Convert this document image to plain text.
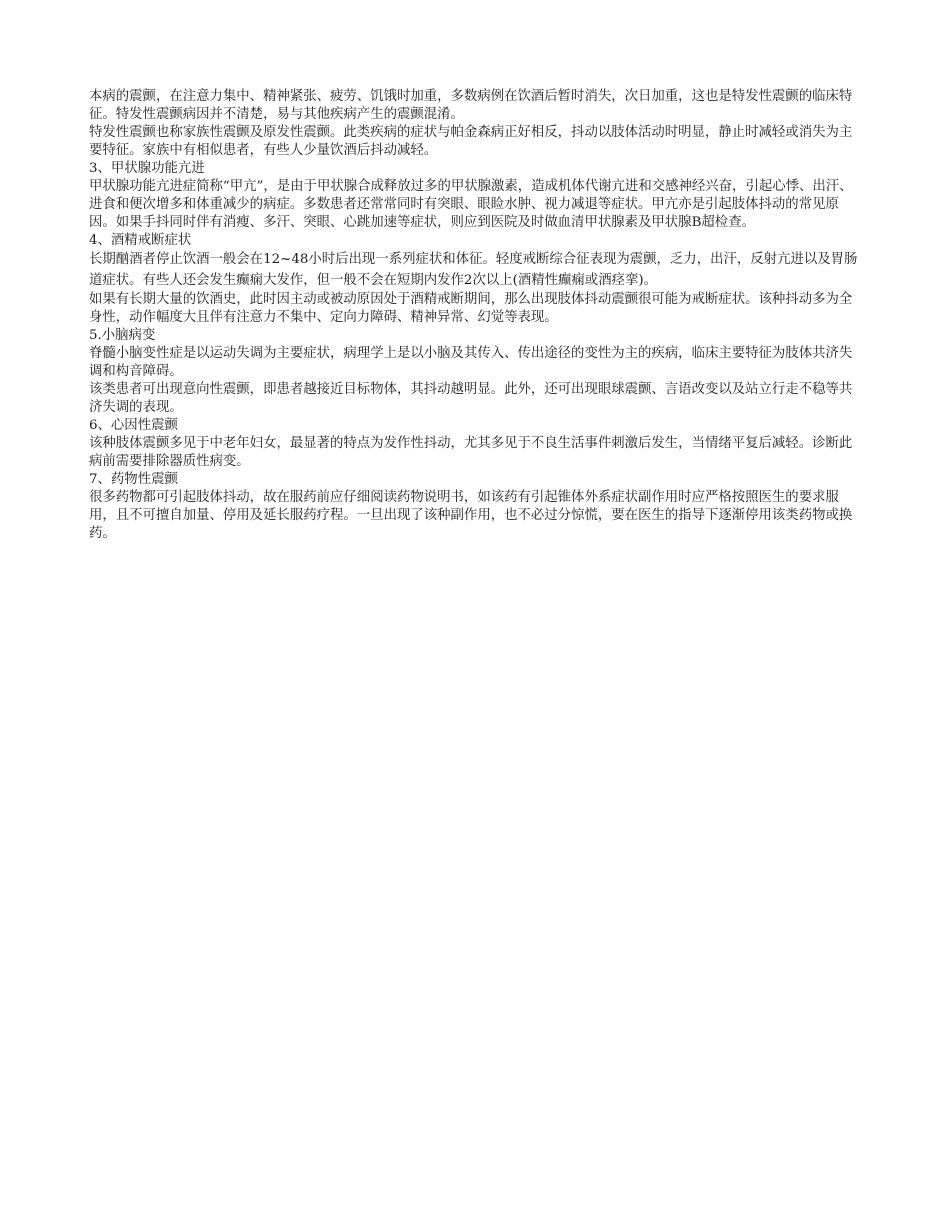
本病的震颤，在注意力集中、精神紧张、疲劳、饥饿时加重，多数病例在饮酒后暂时消失，次日加重，这也是特发性震颤的临床特征。特发性震颤病因并不清楚，易与其他疾病产生的震颤混淆。

特发性震颤也称家族性震颤及原发性震颤。此类疾病的症状与帕金森病正好相反，抖动以肢体活动时明显，静止时减轻或消失为主要特征。家族中有相似患者，有些人少量饮酒后抖动减轻。

3、甲状腺功能亢进

甲状腺功能亢进症简称“甲亢”，是由于甲状腺合成释放过多的甲状腺激素，造成机体代谢亢进和交感神经兴奋，引起心悸、出汗、进食和便次增多和体重减少的病症。多数患者还常常同时有突眼、眼睑水肿、视力减退等症状。甲亢亦是引起肢体抖动的常见原因。如果手抖同时伴有消瘦、多汗、突眼、心跳加速等症状，则应到医院及时做血清甲状腺素及甲状腺B超检查。

4、酒精戒断症状

长期酗酒者停止饮酒一般会在12~48小时后出现一系列症状和体征。轻度戒断综合征表现为震颤，乏力，出汗，反射亢进以及胃肠道症状。有些人还会发生癫痫大发作，但一般不会在短期内发作2次以上(酒精性癫痫或酒痉挛)。

如果有长期大量的饮酒史，此时因主动或被动原因处于酒精戒断期间，那么出现肢体抖动震颤很可能为戒断症状。该种抖动多为全身性，动作幅度大且伴有注意力不集中、定向力障碍、精神异常、幻觉等表现。

5.小脑病变

脊髓小脑变性症是以运动失调为主要症状，病理学上是以小脑及其传入、传出途径的变性为主的疾病，临床主要特征为肢体共济失调和构音障碍。

该类患者可出现意向性震颤，即患者越接近目标物体，其抖动越明显。此外，还可出现眼球震颤、言语改变以及站立行走不稳等共济失调的表现。

6、心因性震颤

该种肢体震颤多见于中老年妇女，最显著的特点为发作性抖动，尤其多见于不良生活事件刺激后发生，当情绪平复后减轻。诊断此病前需要排除器质性病变。

7、药物性震颤

很多药物都可引起肢体抖动，故在服药前应仔细阅读药物说明书，如该药有引起锥体外系症状副作用时应严格按照医生的要求服用，且不可擅自加量、停用及延长服药疗程。一旦出现了该种副作用，也不必过分惊慌，要在医生的指导下逐渐停用该类药物或换药。
